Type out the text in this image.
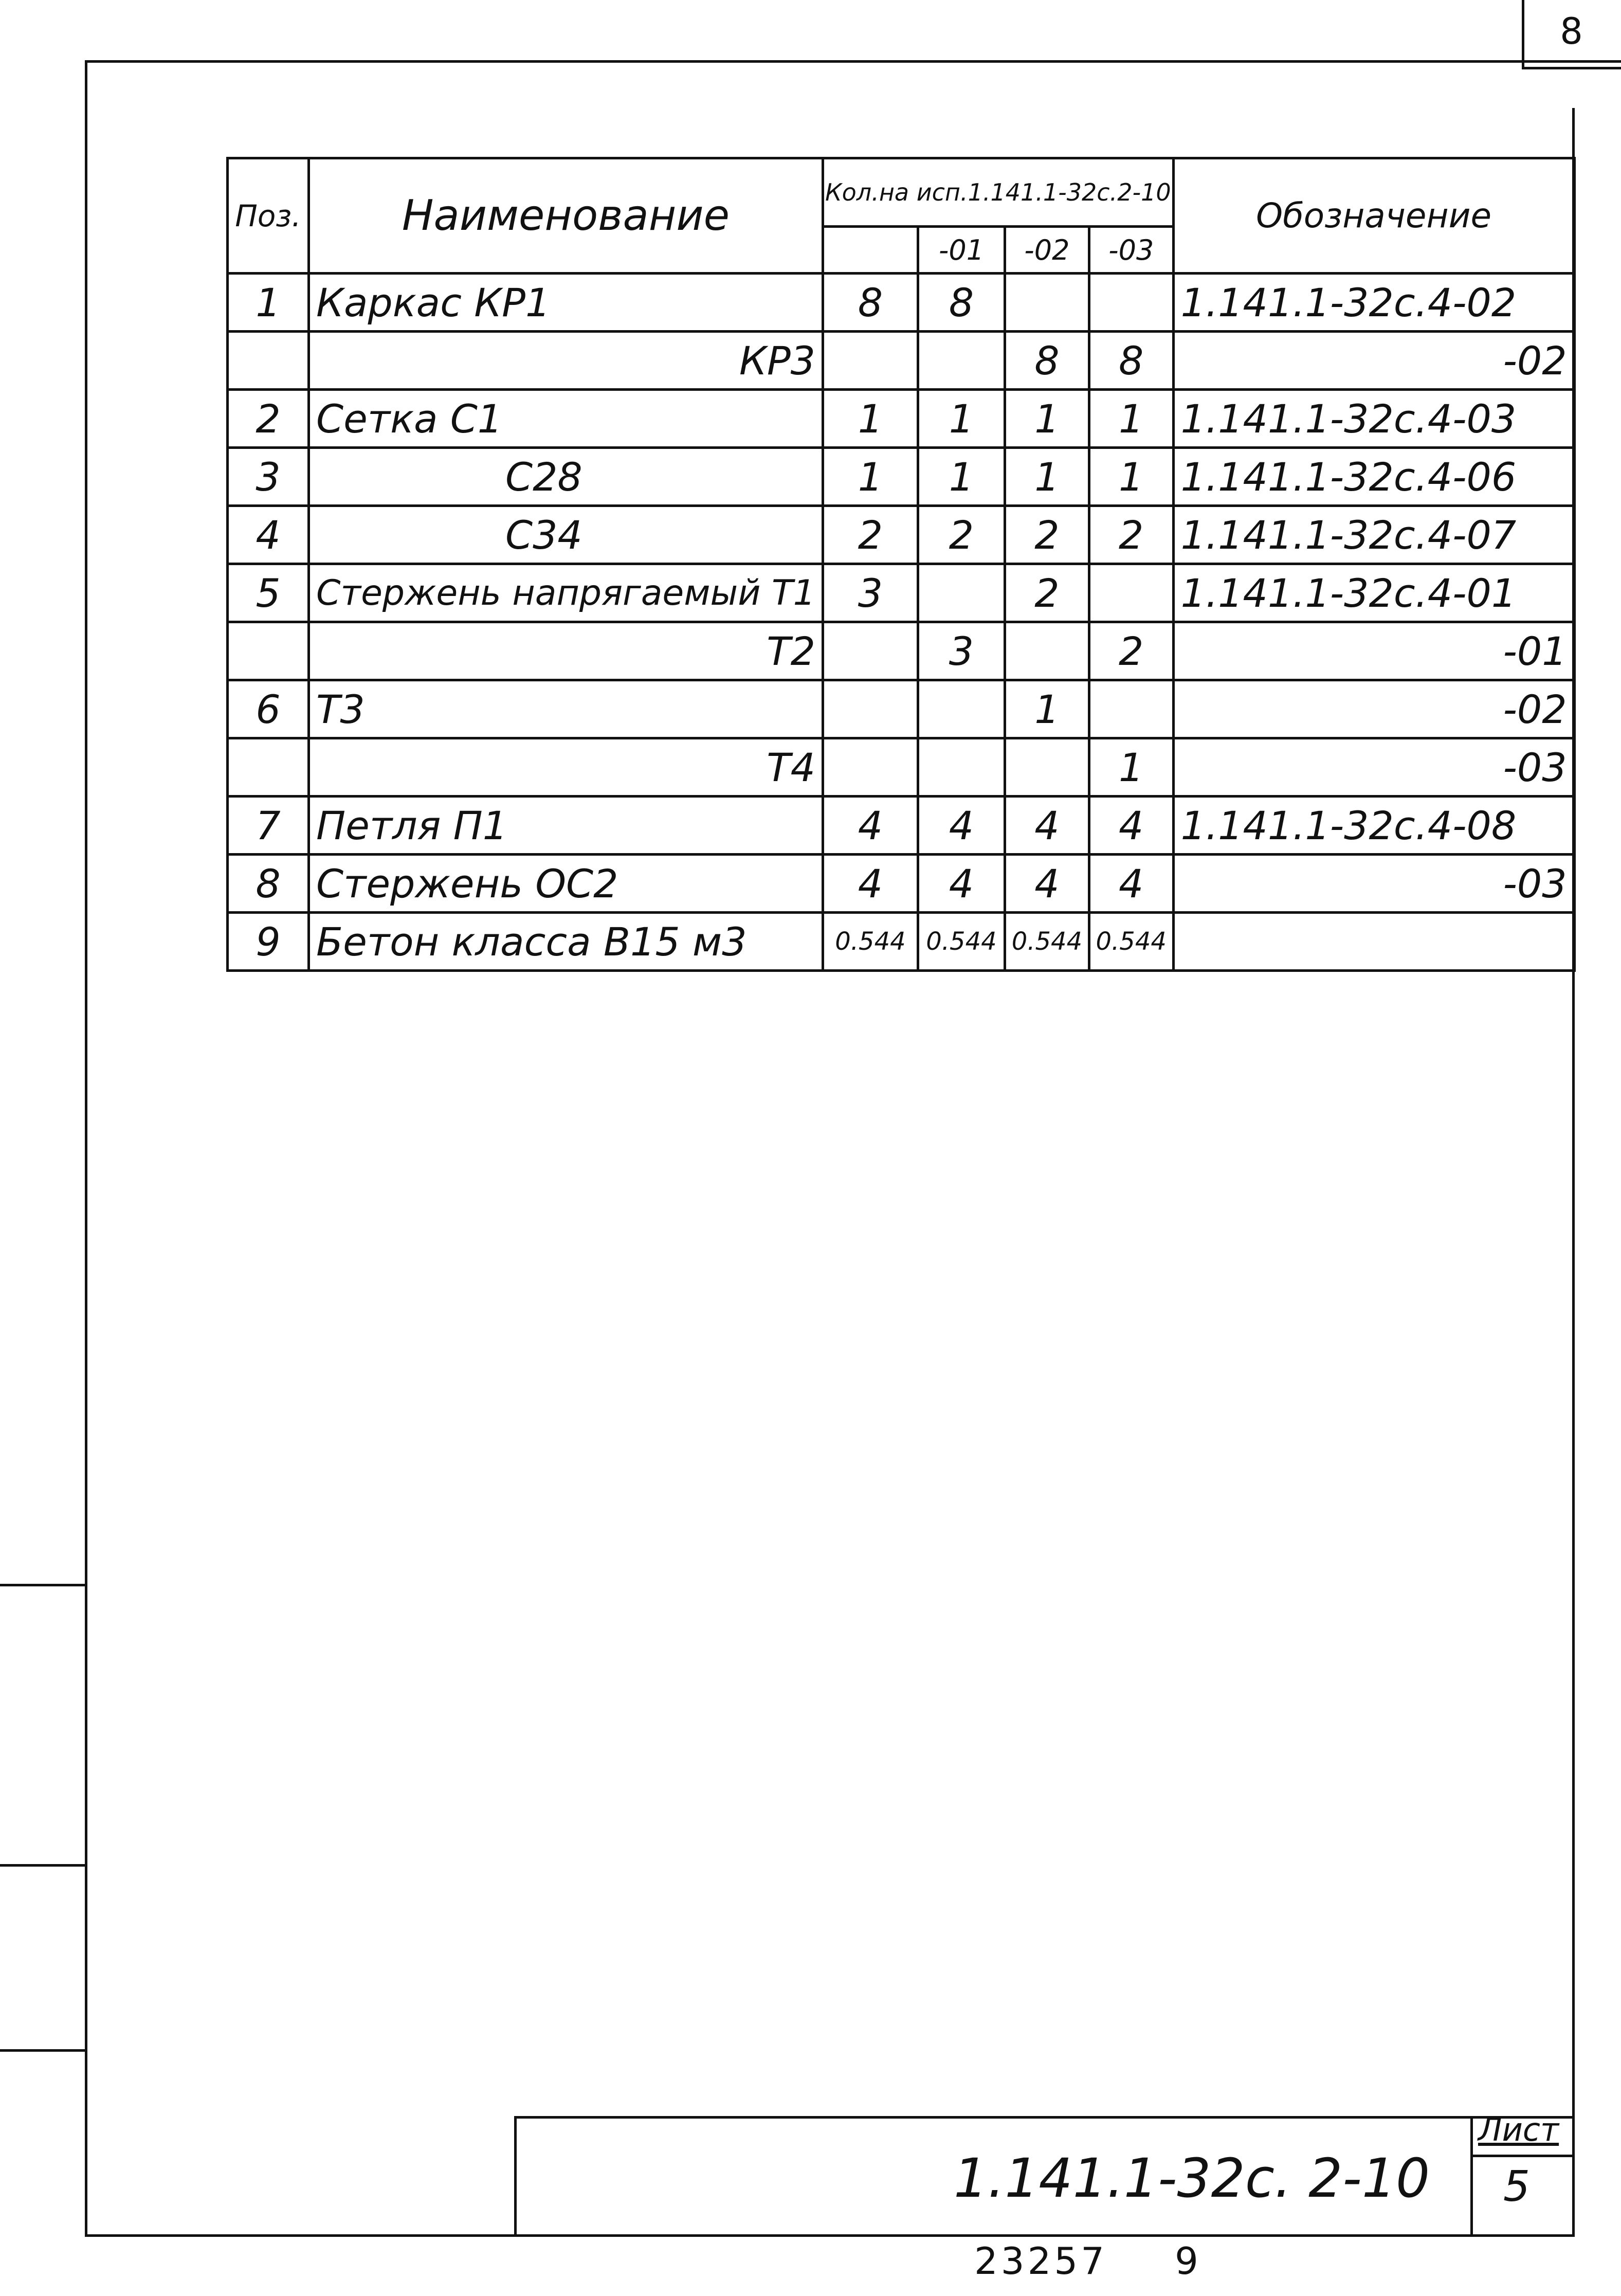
8
Поз.	Наименование	Кол.на исп.1.141.1-32с.2-10				Обозначение
			-01	-02	-03	
1	Каркас КР1	8	8			1.141.1-32с.4-02
	КР3			8	8	-02
2	Сетка С1	1	1	1	1	1.141.1-32с.4-03
3	С28	1	1	1	1	1.141.1-32с.4-06
4	С34	2	2	2	2	1.141.1-32с.4-07
5	Стержень напрягаемый Т1	3		2		1.141.1-32с.4-01
	Т2		3		2	-01
6	Т3			1		-02
	Т4				1	-03
7	Петля П1	4	4	4	4	1.141.1-32с.4-08
8	Стержень ОС2	4	4	4	4	-03
9	Бетон класса В15 м3	0.544	0.544	0.544	0.544	
1.141.1-32с. 2-10
Лист
5
23257 9
